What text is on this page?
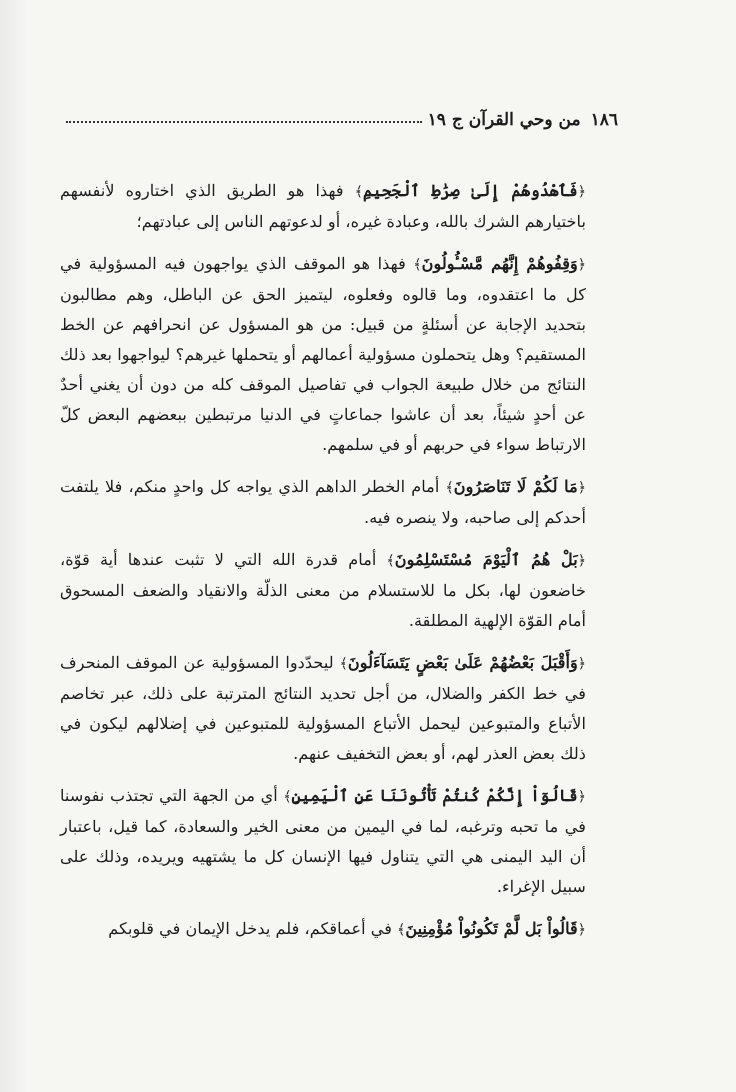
١٨٦
من وحي القرآن ج ١٩

﴿فَٱهْدُوهُمْ إِلَىٰ صِرَٰطِ ٱلْجَحِيمِ﴾ فهذا هو الطريق الذي اختاروه لأنفسهم باختيارهم الشرك بالله، وعبادة غيره، أو لدعوتهم الناس إلى عبادتهم؛

﴿وَقِفُوهُمْ إِنَّهُم مَّسْـُٔولُونَ﴾ فهذا هو الموقف الذي يواجهون فيه المسؤولية في كل ما اعتقدوه، وما قالوه وفعلوه، ليتميز الحق عن الباطل، وهم مطالبون بتحديد الإجابة عن أسئلةٍ من قبيل: من هو المسؤول عن انحرافهم عن الخط المستقيم؟ وهل يتحملون مسؤولية أعمالهم أو يتحملها غيرهم؟ ليواجهوا بعد ذلك النتائج من خلال طبيعة الجواب في تفاصيل الموقف كله من دون أن يغني أحدٌ عن أحدٍ شيئاً، بعد أن عاشوا جماعاتٍ في الدنيا مرتبطين ببعضهم البعض كلّ الارتباط سواء في حربهم أو في سلمهم.

﴿مَا لَكُمْ لَا تَنَاصَرُونَ﴾ أمام الخطر الداهم الذي يواجه كل واحدٍ منكم، فلا يلتفت أحدكم إلى صاحبه، ولا ينصره فيه.

﴿بَلْ هُمُ ٱلْيَوْمَ مُسْتَسْلِمُونَ﴾ أمام قدرة الله التي لا تثبت عندها أية قوّة، خاضعون لها، بكل ما للاستسلام من معنى الذلّة والانقياد والضعف المسحوق أمام القوّة الإلهية المطلقة.

﴿وَأَقْبَلَ بَعْضُهُمْ عَلَىٰ بَعْضٍ يَتَسَآءَلُونَ﴾ ليحدّدوا المسؤولية عن الموقف المنحرف في خط الكفر والضلال، من أجل تحديد النتائج المترتبة على ذلك، عبر تخاصم الأتباع والمتبوعين ليحمل الأتباع المسؤولية للمتبوعين في إضلالهم ليكون في ذلك بعض العذر لهم، أو بعض التخفيف عنهم.

﴿قَالُوٓاْ إِنَّكُمْ كُنتُمْ تَأْتُونَنَا عَنِ ٱلْيَمِينِ﴾ أي من الجهة التي تجتذب نفوسنا في ما تحبه وترغبه، لما في اليمين من معنى الخير والسعادة، كما قيل، باعتبار أن اليد اليمنى هي التي يتناول فيها الإنسان كل ما يشتهيه ويريده، وذلك على سبيل الإغراء.

﴿قَالُواْ بَل لَّمْ تَكُونُواْ مُؤْمِنِينَ﴾ في أعماقكم، فلم يدخل الإيمان في قلوبكم
